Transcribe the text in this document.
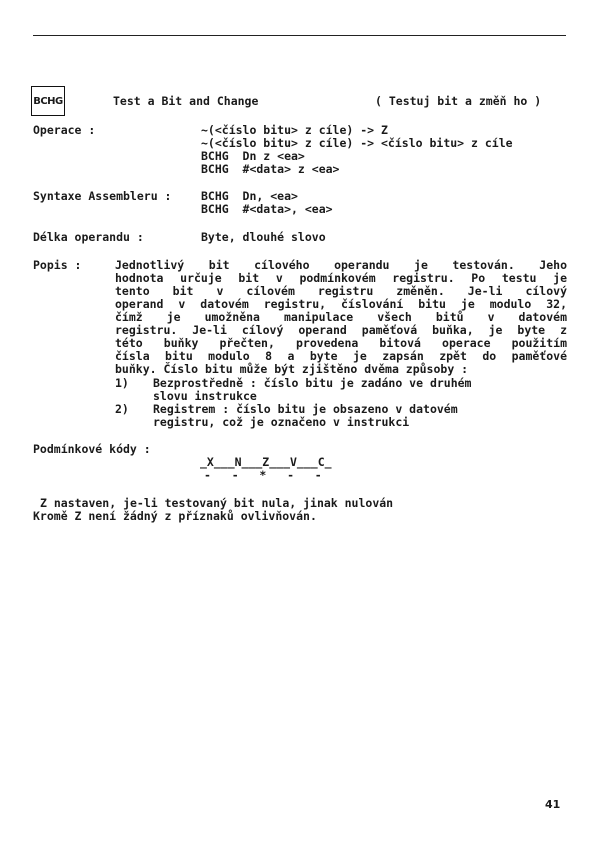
BCHG	Test a Bit and Change	( Testuj bit a změň ho )
Operace :	~(<číslo bitu> z cíle) -> Z
~(<číslo bitu> z cíle) -> <číslo bitu> z cíle
BCHG  Dn z <ea>
BCHG  #<data> z <ea>
Syntaxe Assembleru :	BCHG  Dn, <ea>
BCHG  #<data>, <ea>
Délka operandu :	Byte, dlouhé slovo
Popis :	Jednotlivý bit cílového operandu je testován. Jeho
hodnota určuje bit v podmínkovém registru. Po testu je
tento bit v cílovém registru změněn. Je-li cílový
operand v datovém registru, číslování bitu je modulo 32,
čímž je umožněna manipulace všech bitů v datovém
registru. Je-li cílový operand paměťová buňka, je byte z
této buňky přečten, provedena bitová operace použitím
čísla bitu modulo 8 a byte je zapsán zpět do paměťové
buňky. Číslo bitu může být zjištěno dvěma způsoby :
1) Bezprostředně : číslo bitu je zadáno ve druhém
slovu instrukce
2) Registrem : číslo bitu je obsazeno v datovém
registru, což je označeno v instrukci
Podmínkové kódy :
_X___N___Z___V___C_
-   -   *   -   -
Z nastaven, je-li testovaný bit nula, jinak nulován
Kromě Z není žádný z příznaků ovlivňován.
41
